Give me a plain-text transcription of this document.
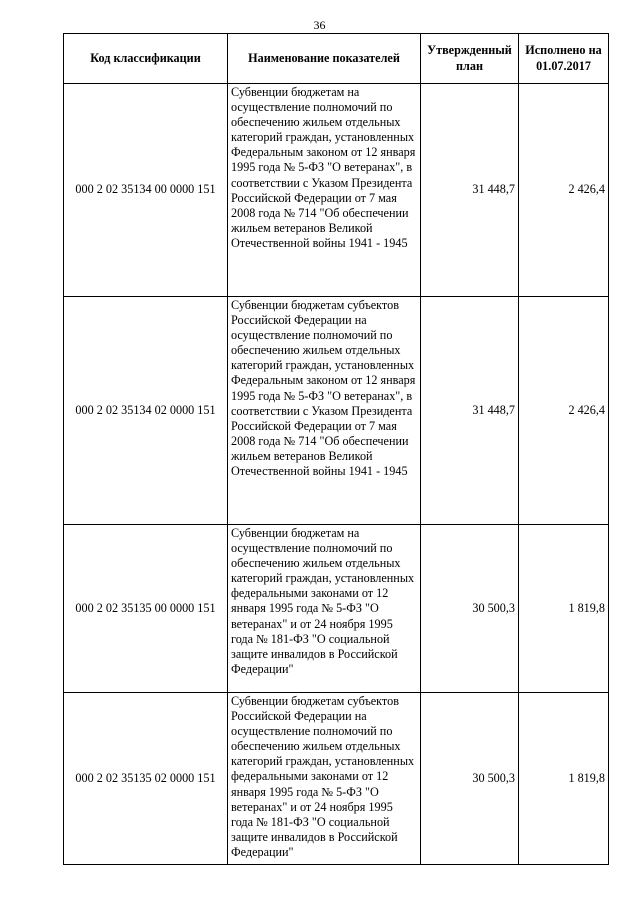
36
Код классификации	Наименование показателей	Утвержденный план	Исполнено на 01.07.2017
000 2 02 35134 00 0000 151	Субвенции бюджетам на осуществление полномочий по обеспечению жильем отдельных категорий граждан, установленных Федеральным законом от 12 января 1995 года № 5-ФЗ "О ветеранах", в соответствии с Указом Президента Российской Федерации от 7 мая 2008 года № 714 "Об обеспечении жильем ветеранов Великой Отечественной войны 1941 - 1945	31 448,7	2 426,4
000 2 02 35134 02 0000 151	Субвенции бюджетам субъектов Российской Федерации на осуществление полномочий по обеспечению жильем отдельных категорий граждан, установленных Федеральным законом от 12 января 1995 года № 5-ФЗ "О ветеранах", в соответствии с Указом Президента Российской Федерации от 7 мая 2008 года № 714 "Об обеспечении жильем ветеранов Великой Отечественной войны 1941 - 1945	31 448,7	2 426,4
000 2 02 35135 00 0000 151	Субвенции бюджетам на осуществление полномочий по обеспечению жильем отдельных категорий граждан, установленных федеральными законами от 12 января 1995 года № 5-ФЗ "О ветеранах" и от 24 ноября 1995 года № 181-ФЗ "О социальной защите инвалидов в Российской Федерации"	30 500,3	1 819,8
000 2 02 35135 02 0000 151	Субвенции бюджетам субъектов Российской Федерации на осуществление полномочий по обеспечению жильем отдельных категорий граждан, установленных федеральными законами от 12 января 1995 года № 5-ФЗ "О ветеранах" и от 24 ноября 1995 года № 181-ФЗ "О социальной защите инвалидов в Российской Федерации"	30 500,3	1 819,8
